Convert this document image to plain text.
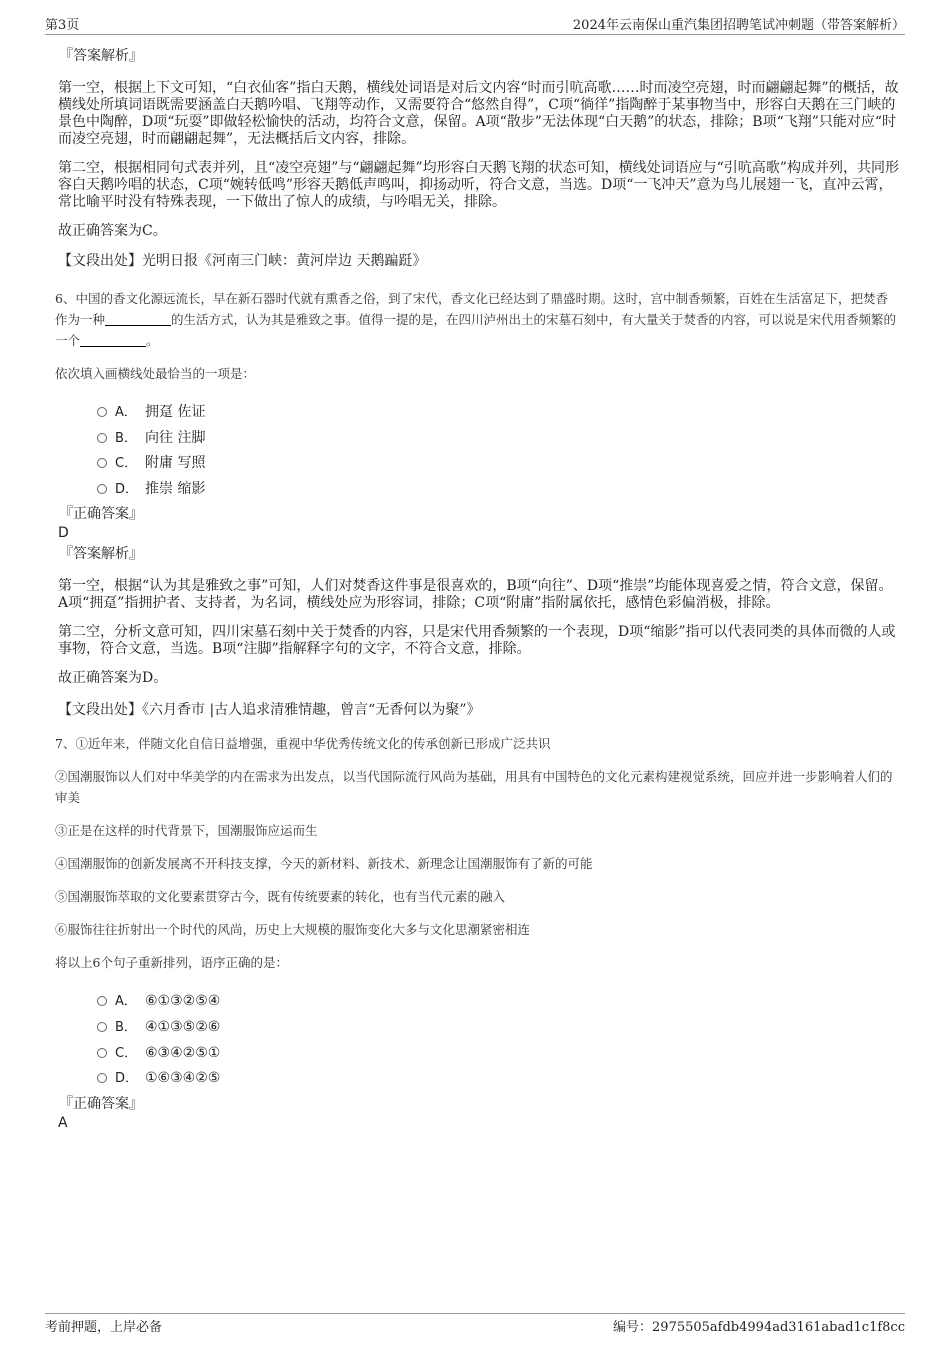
第3页	2024年云南保山重汽集团招聘笔试冲刺题（带答案解析）
『答案解析』

第一空，根据上下文可知，“白衣仙客”指白天鹅，横线处词语是对后文内容“时而引吭高歌……时而凌空亮翅，时而翩翩起舞”的概括，故横线处所填词语既需要涵盖白天鹅吟唱、飞翔等动作，又需要符合“悠然自得”，C项“徜徉”指陶醉于某事物当中，形容白天鹅在三门峡的景色中陶醉，D项“玩耍”即做轻松愉快的活动，均符合文意，保留。A项“散步”无法体现“白天鹅”的状态，排除；B项“飞翔”只能对应“时而凌空亮翅，时而翩翩起舞”，无法概括后文内容，排除。

第二空，根据相同句式表并列，且“凌空亮翅”与“翩翩起舞”均形容白天鹅飞翔的状态可知，横线处词语应与“引吭高歌”构成并列，共同形容白天鹅吟唱的状态，C项“婉转低鸣”形容天鹅低声鸣叫，抑扬动听，符合文意，当选。D项“一飞冲天”意为鸟儿展翅一飞，直冲云霄，常比喻平时没有特殊表现，一下做出了惊人的成绩，与吟唱无关，排除。

故正确答案为C。

【文段出处】光明日报《河南三门峡：黄河岸边 天鹅蹁跹》

6、中国的香文化源远流长，早在新石器时代就有熏香之俗，到了宋代，香文化已经达到了鼎盛时期。这时，宫中制香频繁，百姓在生活富足下，把焚香作为一种	的生活方式，认为其是雅致之事。值得一提的是，在四川泸州出土的宋墓石刻中，有大量关于焚香的内容，可以说是宋代用香频繁的一个	。

依次填入画横线处最恰当的一项是：

A． 拥趸 佐证
B． 向往 注脚
C． 附庸 写照
D． 推崇 缩影
『正确答案』
D
『答案解析』

第一空，根据“认为其是雅致之事”可知，人们对焚香这件事是很喜欢的，B项“向往”、D项“推崇”均能体现喜爱之情，符合文意，保留。A项“拥趸”指拥护者、支持者，为名词，横线处应为形容词，排除；C项“附庸”指附属依托，感情色彩偏消极，排除。

第二空，分析文意可知，四川宋墓石刻中关于焚香的内容，只是宋代用香频繁的一个表现，D项“缩影”指可以代表同类的具体而微的人或事物，符合文意，当选。B项“注脚”指解释字句的文字，不符合文意，排除。

故正确答案为D。

【文段出处】《六月香市 |古人追求清雅情趣，曾言“无香何以为聚”》

7、①近年来，伴随文化自信日益增强，重视中华优秀传统文化的传承创新已形成广泛共识

②国潮服饰以人们对中华美学的内在需求为出发点，以当代国际流行风尚为基础，用具有中国特色的文化元素构建视觉系统，回应并进一步影响着人们的审美

③正是在这样的时代背景下，国潮服饰应运而生

④国潮服饰的创新发展离不开科技支撑，今天的新材料、新技术、新理念让国潮服饰有了新的可能

⑤国潮服饰萃取的文化要素贯穿古今，既有传统要素的转化，也有当代元素的融入

⑥服饰往往折射出一个时代的风尚，历史上大规模的服饰变化大多与文化思潮紧密相连

将以上6个句子重新排列，语序正确的是：

A． ⑥①③②⑤④
B． ④①③⑤②⑥
C． ⑥③④②⑤①
D． ①⑥③④②⑤
『正确答案』
A
考前押题，上岸必备	编号：2975505afdb4994ad3161abad1c1f8cc
